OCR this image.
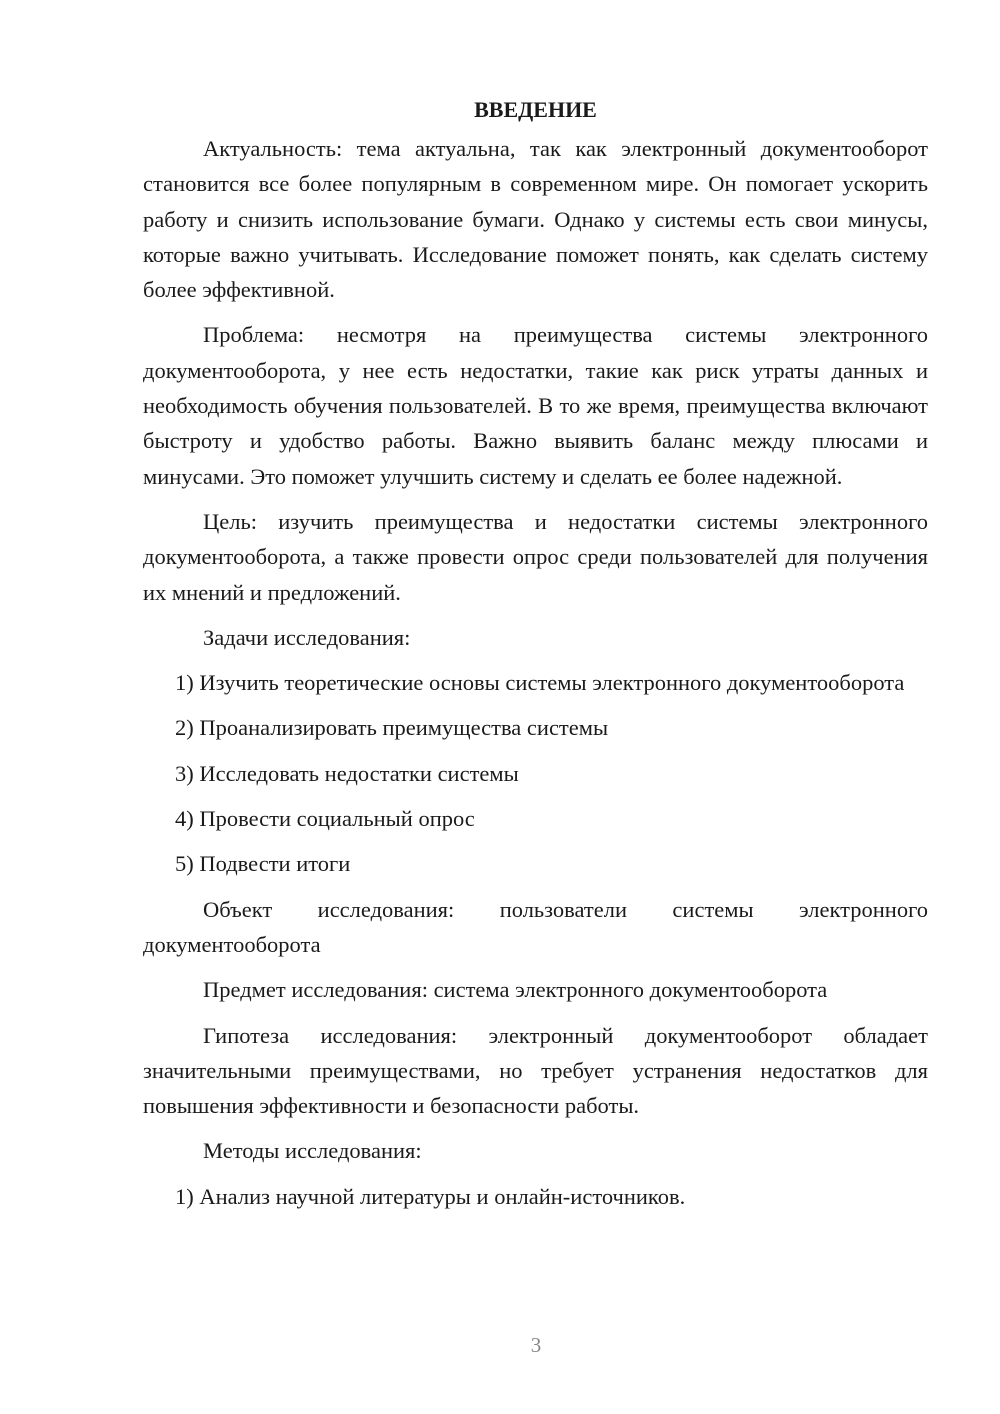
ВВЕДЕНИЕ

Актуальность: тема актуальна, так как электронный документооборот становится все более популярным в современном мире. Он помогает ускорить работу и снизить использование бумаги. Однако у системы есть свои минусы, которые важно учитывать. Исследование поможет понять, как сделать систему более эффективной.

Проблема: несмотря на преимущества системы электронного документооборота, у нее есть недостатки, такие как риск утраты данных и необходимость обучения пользователей. В то же время, преимущества включают быстроту и удобство работы. Важно выявить баланс между плюсами и минусами. Это поможет улучшить систему и сделать ее более надежной.

Цель: изучить преимущества и недостатки системы электронного документооборота, а также провести опрос среди пользователей для получения их мнений и предложений.

Задачи исследования:

1) Изучить теоретические основы системы электронного документооборота

2) Проанализировать преимущества системы

3) Исследовать недостатки системы

4) Провести социальный опрос

5) Подвести итоги

Объект исследования: пользователи системы электронного документооборота

Предмет исследования: система электронного документооборота

Гипотеза исследования: электронный документооборот обладает значительными преимуществами, но требует устранения недостатков для повышения эффективности и безопасности работы.

Методы исследования:

1) Анализ научной литературы и онлайн-источников.

3
